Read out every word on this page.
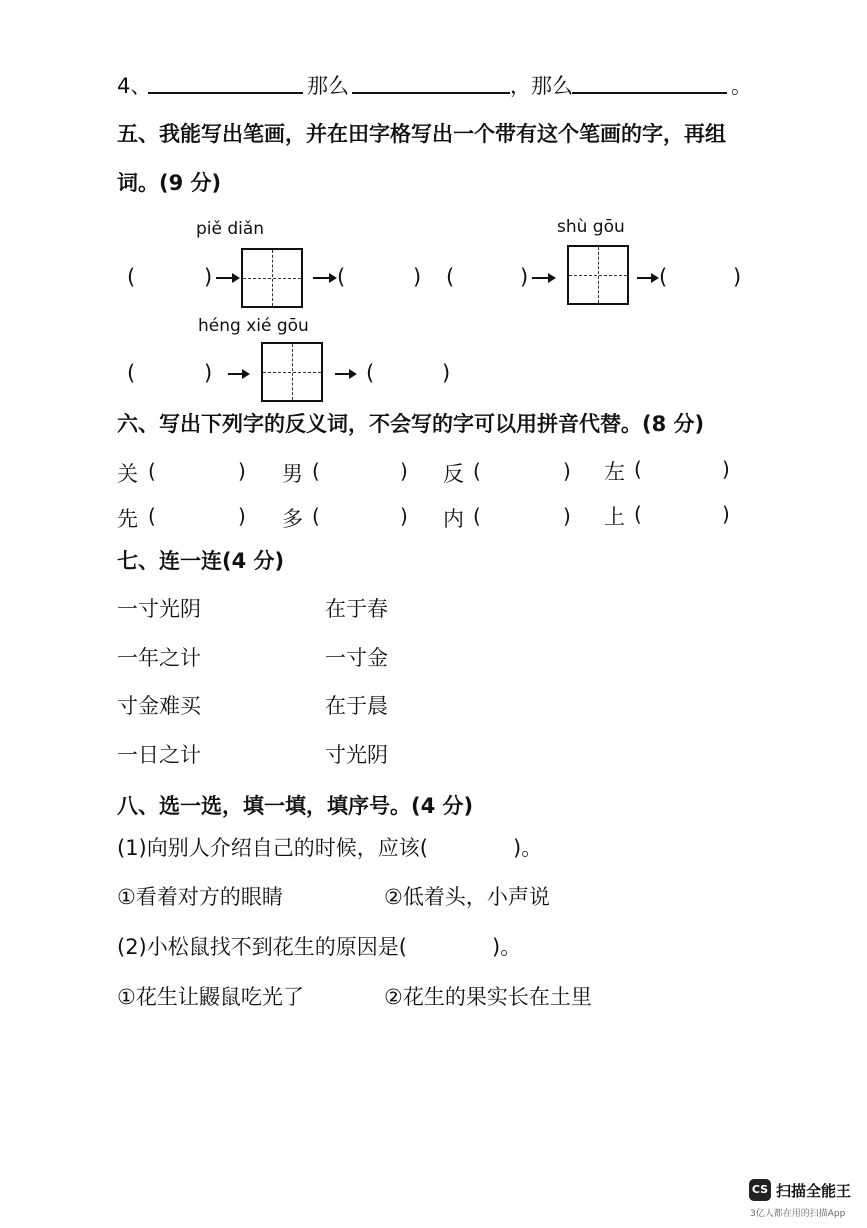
4、	那么	，那么	。
五、我能写出笔画，并在田字格写出一个带有这个笔画的字，再组
词。(9 分)
piě diǎn
(	)	(	)
shù gōu
(	)	(	)
héng xié gōu
(	)	(	)
六、写出下列字的反义词，不会写的字可以用拼音代替。(8 分)
关 (	) 男 (	) 反 (	) 左 (	)
先 (	) 多 (	) 内 (	) 上 (	)
七、连一连(4 分)
一寸光阴	在于春
一年之计	一寸金
寸金难买	在于晨
一日之计	寸光阴
八、选一选，填一填，填序号。(4 分)
(1)向别人介绍自己的时候，应该(	)。
①看着对方的眼睛	②低着头，小声说
(2)小松鼠找不到花生的原因是(	)。
①花生让鼹鼠吃光了	②花生的果实长在土里
CS 扫描全能王
3亿人都在用的扫描App
